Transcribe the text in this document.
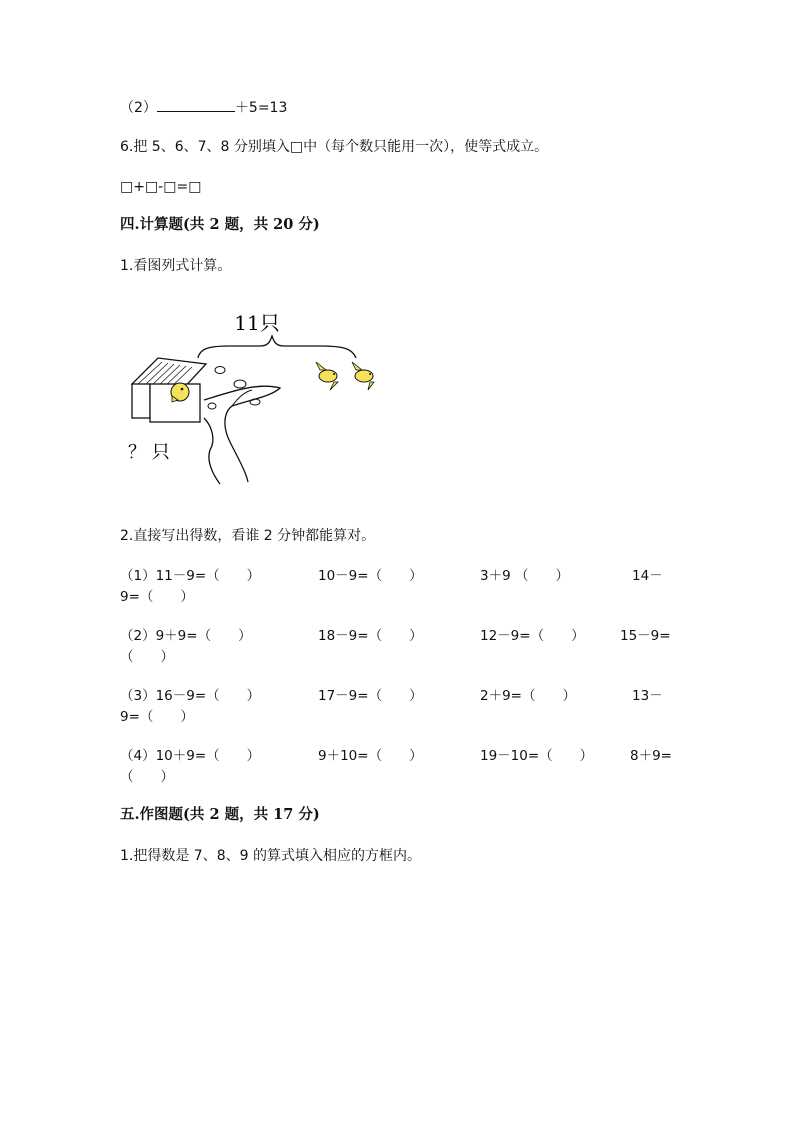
（2）	＋5=13
6.把 5、6、7、8 分别填入□中（每个数只能用一次），使等式成立。
□+□-□=□
四.计算题(共 2 题，共 20 分)
1.看图列式计算。
11只
？ 只
2.直接写出得数，看谁 2 分钟都能算对。
（1）11－9=（　　）	10－9=（　　）	3＋9 （　　）	14－
9=（　　）
（2）9＋9=（　　）	18－9=（　　）	12－9=（　　）	15－9=
（　　）
（3）16－9=（　　）	17－9=（　　）	2＋9=（　　）	13－
9=（　　）
（4）10＋9=（　　）	9＋10=（　　）	19－10=（　　）	8＋9=
（　　）
五.作图题(共 2 题，共 17 分)
1.把得数是 7、8、9 的算式填入相应的方框内。
